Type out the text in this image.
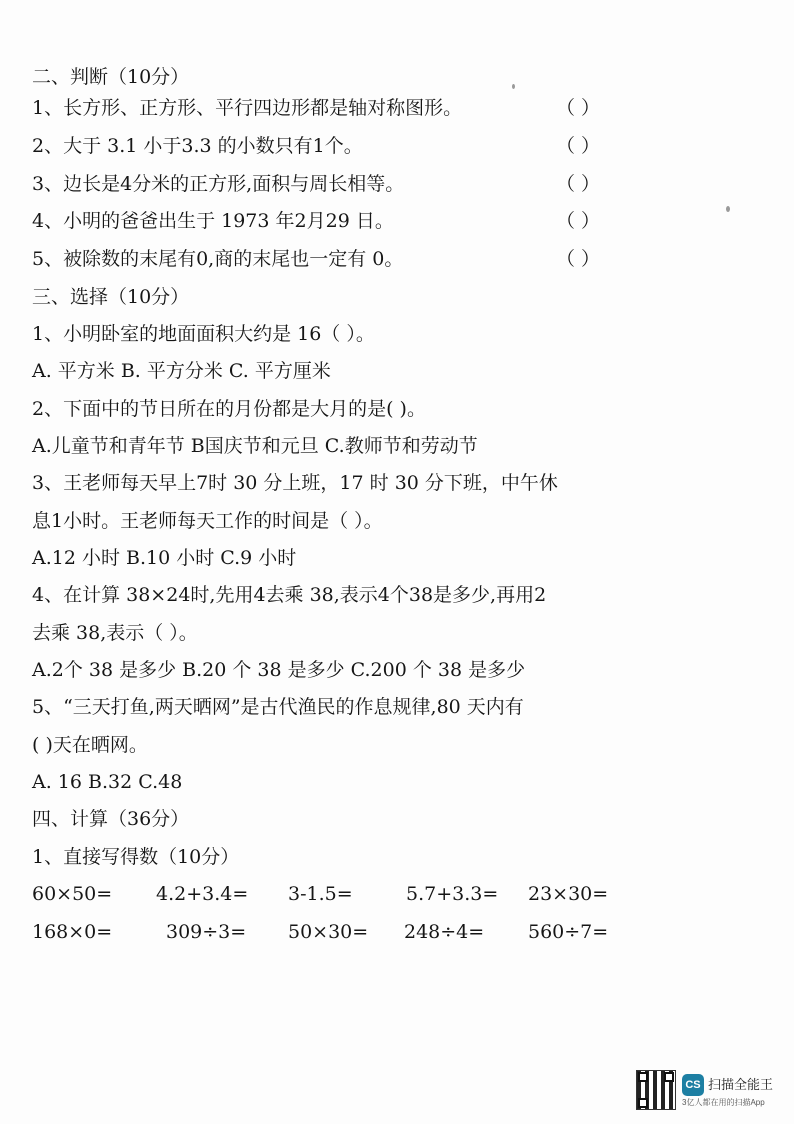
二、判断（10分）
1、长方形、正方形、平行四边形都是轴对称图形。	（ ）
2、大于 3.1 小于3.3 的小数只有1个。	（ ）
3、边长是4分米的正方形,面积与周长相等。	（ ）
4、小明的爸爸出生于 1973 年2月29 日。	（ ）
5、被除数的末尾有0,商的末尾也一定有 0。	（ ）
三、选择（10分）
1、小明卧室的地面面积大约是 16（ ）。
A. 平方米 B. 平方分米 C. 平方厘米
2、下面中的节日所在的月份都是大月的是( )。
A.儿童节和青年节 B国庆节和元旦 C.教师节和劳动节
3、王老师每天早上7时 30 分上班，17 时 30 分下班，中午休
息1小时。王老师每天工作的时间是（ ）。
A.12 小时 B.10 小时 C.9 小时
4、在计算 38×24时,先用4去乘 38,表示4个38是多少,再用2
去乘 38,表示（ ）。
A.2个 38 是多少 B.20 个 38 是多少 C.200 个 38 是多少
5、“三天打鱼,两天晒网”是古代渔民的作息规律,80 天内有
( )天在晒网。
A. 16 B.32 C.48
四、计算（36分）
1、直接写得数（10分）
60×50= 4.2+3.4= 3-1.5=	5.7+3.3= 23×30=
168×0=	309÷3= 50×30= 248÷4= 560÷7=
CS 扫描全能王
3亿人都在用的扫描App
